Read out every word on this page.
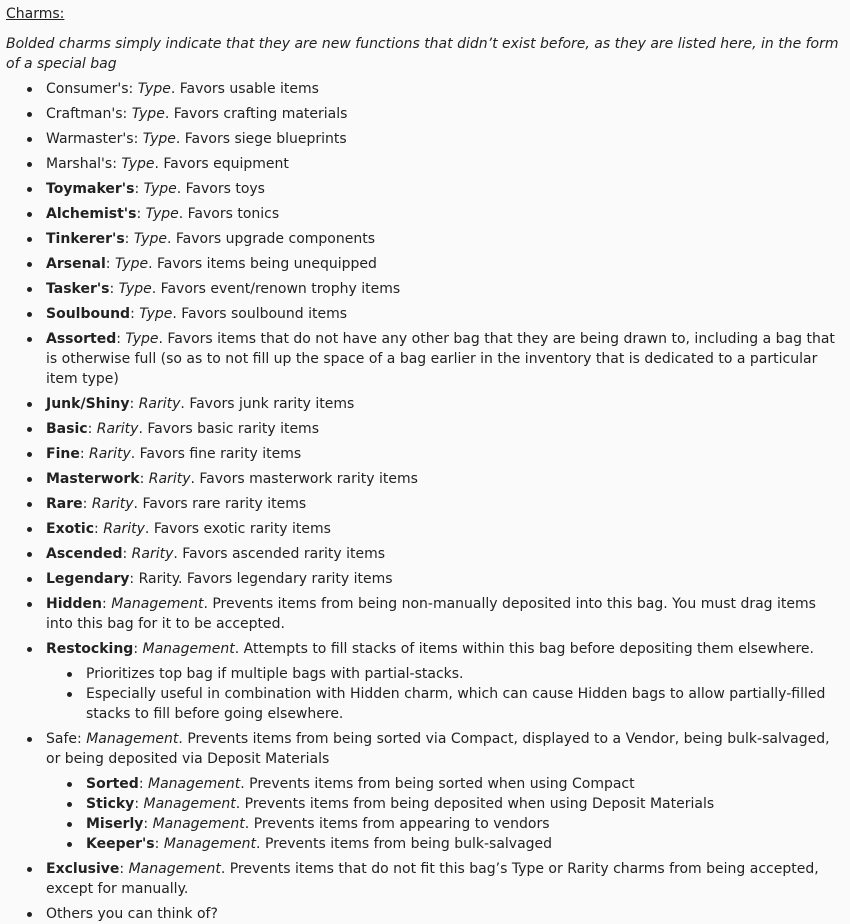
Charms:

Bolded charms simply indicate that they are new functions that didn’t exist before, as they are listed here, in the form of a special bag

Consumer's: Type. Favors usable items
Craftman's: Type. Favors crafting materials
Warmaster's: Type. Favors siege blueprints
Marshal's: Type. Favors equipment
Toymaker's: Type. Favors toys
Alchemist's: Type. Favors tonics
Tinkerer's: Type. Favors upgrade components
Arsenal: Type. Favors items being unequipped
Tasker's: Type. Favors event/renown trophy items
Soulbound: Type. Favors soulbound items
Assorted: Type. Favors items that do not have any other bag that they are being drawn to, including a bag that is otherwise full (so as to not fill up the space of a bag earlier in the inventory that is dedicated to a particular item type)
Junk/Shiny: Rarity. Favors junk rarity items
Basic: Rarity. Favors basic rarity items
Fine: Rarity. Favors fine rarity items
Masterwork: Rarity. Favors masterwork rarity items
Rare: Rarity. Favors rare rarity items
Exotic: Rarity. Favors exotic rarity items
Ascended: Rarity. Favors ascended rarity items
Legendary: Rarity. Favors legendary rarity items
Hidden: Management. Prevents items from being non-manually deposited into this bag. You must drag items into this bag for it to be accepted.
Restocking: Management. Attempts to fill stacks of items within this bag before depositing them elsewhere.
Prioritizes top bag if multiple bags with partial-stacks.
Especially useful in combination with Hidden charm, which can cause Hidden bags to allow partially-filled stacks to fill before going elsewhere.
Safe: Management. Prevents items from being sorted via Compact, displayed to a Vendor, being bulk-salvaged, or being deposited via Deposit Materials
Sorted: Management. Prevents items from being sorted when using Compact
Sticky: Management. Prevents items from being deposited when using Deposit Materials
Miserly: Management. Prevents items from appearing to vendors
Keeper's: Management. Prevents items from being bulk-salvaged
Exclusive: Management. Prevents items that do not fit this bag’s Type or Rarity charms from being accepted, except for manually.
Others you can think of?
